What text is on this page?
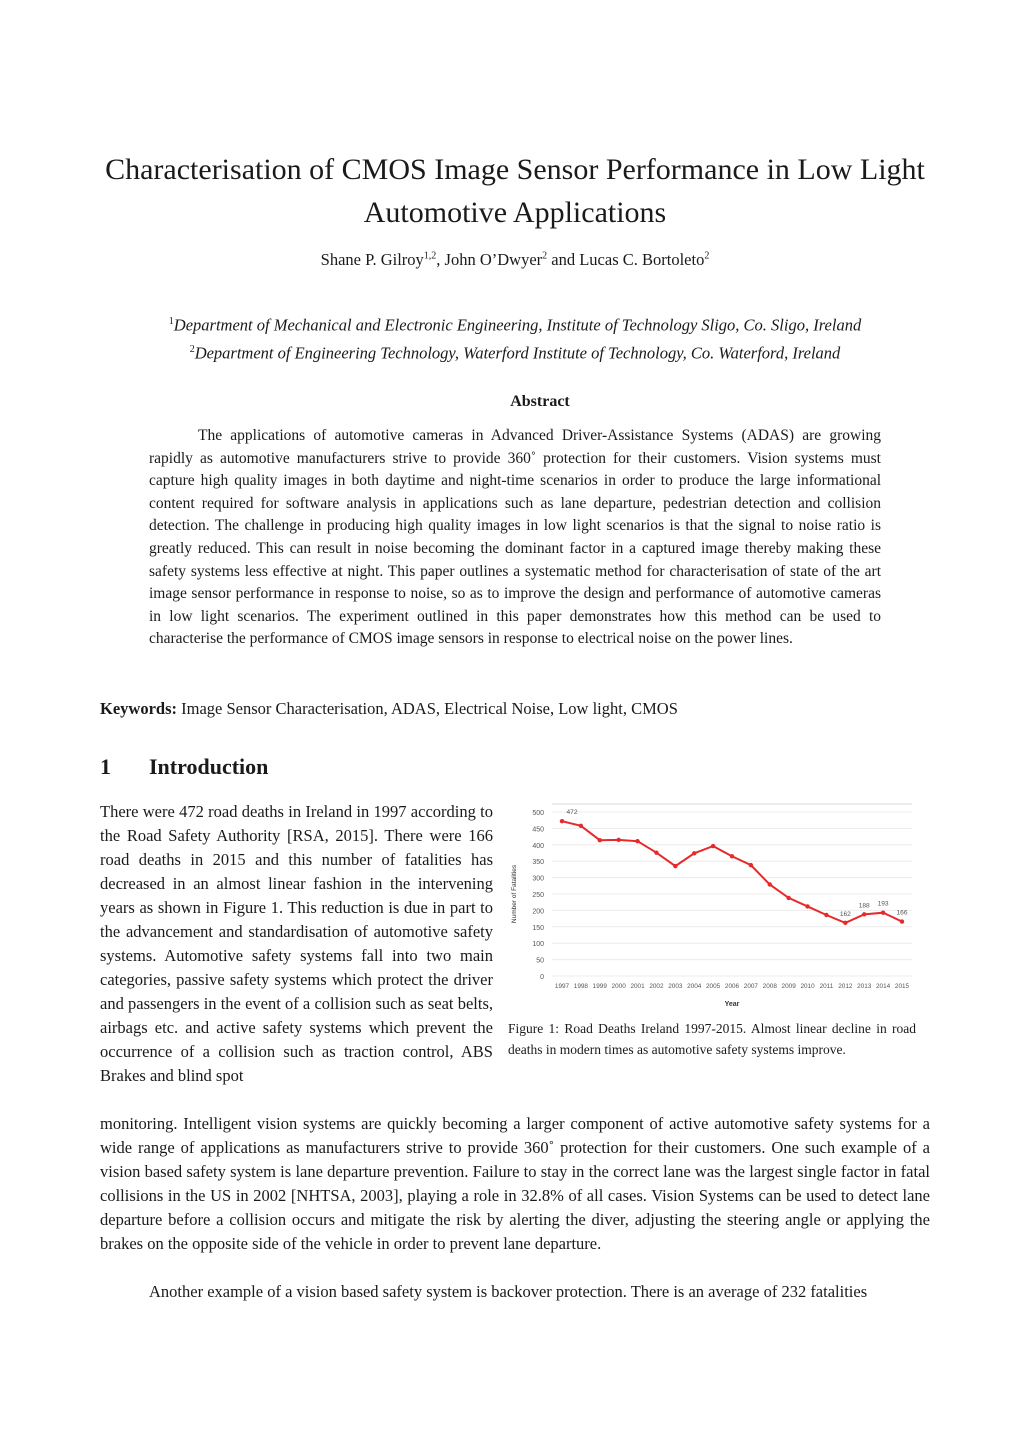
Characterisation of CMOS Image Sensor Performance in Low Light Automotive Applications
Shane P. Gilroy$^{1,2}$, John O’Dwyer$^2$ and Lucas C. Bortoleto$^2$
$^1$Department of Mechanical and Electronic Engineering, Institute of Technology Sligo, Co. Sligo, Ireland
$^2$Department of Engineering Technology, Waterford Institute of Technology, Co. Waterford, Ireland
Abstract

The applications of automotive cameras in Advanced Driver-Assistance Systems (ADAS) are growing rapidly as automotive manufacturers strive to provide 360˚ protection for their customers. Vision systems must capture high quality images in both daytime and night-time scenarios in order to produce the large informational content required for software analysis in applications such as lane departure, pedestrian detection and collision detection. The challenge in producing high quality images in low light scenarios is that the signal to noise ratio is greatly reduced. This can result in noise becoming the dominant factor in a captured image thereby making these safety systems less effective at night. This paper outlines a systematic method for characterisation of state of the art image sensor performance in response to noise, so as to improve the design and performance of automotive cameras in low light scenarios. The experiment outlined in this paper demonstrates how this method can be used to characterise the performance of CMOS image sensors in response to electrical noise on the power lines.

Keywords: Image Sensor Characterisation, ADAS, Electrical Noise, Low light, CMOS
1 Introduction

There were 472 road deaths in Ireland in 1997 according to the Road Safety Authority [RSA, 2015]. There were 166 road deaths in 2015 and this number of fatalities has decreased in an almost linear fashion in the intervening years as shown in Figure 1. This reduction is due in part to the advancement and standardisation of automotive safety systems. Automotive safety systems fall into two main categories, passive safety systems which protect the driver and passengers in the event of a collision such as seat belts, airbags etc. and active safety systems which prevent the occurrence of a collision such as traction control, ABS Brakes and blind spot

0
50
100
150
200
250
300
350
400
450
500
1997 1998 1999 2000 2001 2002 2003 2004 2005 2006 2007 2008 2009 2010 2011 2012 2013 2014 2015
Number of Fatalities
Year
472
162
188 193
166

Figure 1: Road Deaths Ireland 1997-2015. Almost linear decline in road deaths in modern times as automotive safety systems improve.

monitoring. Intelligent vision systems are quickly becoming a larger component of active automotive safety systems for a wide range of applications as manufacturers strive to provide 360˚ protection for their customers. One such example of a vision based safety system is lane departure prevention. Failure to stay in the correct lane was the largest single factor in fatal collisions in the US in 2002 [NHTSA, 2003], playing a role in 32.8% of all cases. Vision Systems can be used to detect lane departure before a collision occurs and mitigate the risk by alerting the diver, adjusting the steering angle or applying the brakes on the opposite side of the vehicle in order to prevent lane departure.

Another example of a vision based safety system is backover protection. There is an average of 232 fatalities
